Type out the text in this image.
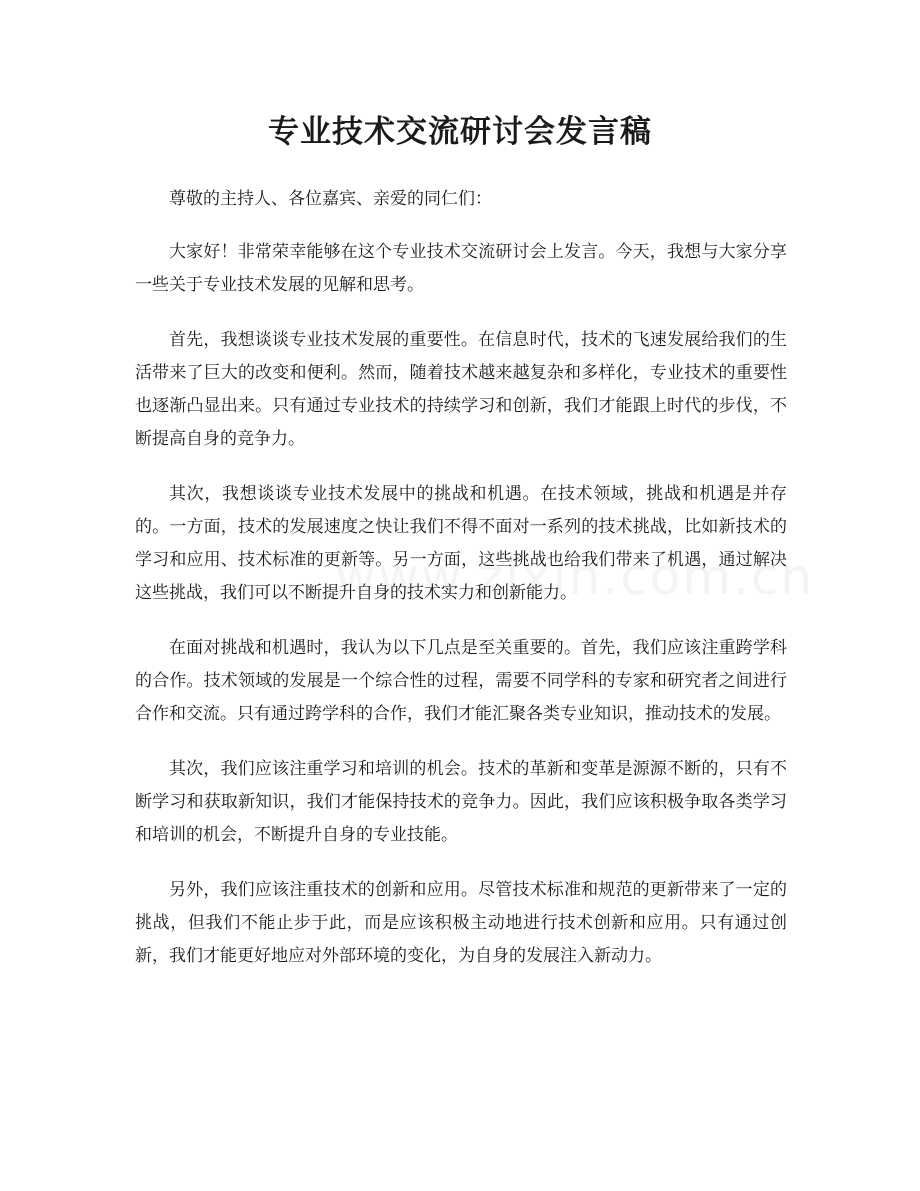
专业技术交流研讨会发言稿

尊敬的主持人、各位嘉宾、亲爱的同仁们：

大家好！非常荣幸能够在这个专业技术交流研讨会上发言。今天，我想与大家分享一些关于专业技术发展的见解和思考。

首先，我想谈谈专业技术发展的重要性。在信息时代，技术的飞速发展给我们的生活带来了巨大的改变和便利。然而，随着技术越来越复杂和多样化，专业技术的重要性也逐渐凸显出来。只有通过专业技术的持续学习和创新，我们才能跟上时代的步伐，不断提高自身的竞争力。

其次，我想谈谈专业技术发展中的挑战和机遇。在技术领域，挑战和机遇是并存的。一方面，技术的发展速度之快让我们不得不面对一系列的技术挑战，比如新技术的学习和应用、技术标准的更新等。另一方面，这些挑战也给我们带来了机遇，通过解决这些挑战，我们可以不断提升自身的技术实力和创新能力。

在面对挑战和机遇时，我认为以下几点是至关重要的。首先，我们应该注重跨学科的合作。技术领域的发展是一个综合性的过程，需要不同学科的专家和研究者之间进行合作和交流。只有通过跨学科的合作，我们才能汇聚各类专业知识，推动技术的发展。

其次，我们应该注重学习和培训的机会。技术的革新和变革是源源不断的，只有不断学习和获取新知识，我们才能保持技术的竞争力。因此，我们应该积极争取各类学习和培训的机会，不断提升自身的专业技能。

另外，我们应该注重技术的创新和应用。尽管技术标准和规范的更新带来了一定的挑战，但我们不能止步于此，而是应该积极主动地进行技术创新和应用。只有通过创新，我们才能更好地应对外部环境的变化，为自身的发展注入新动力。
